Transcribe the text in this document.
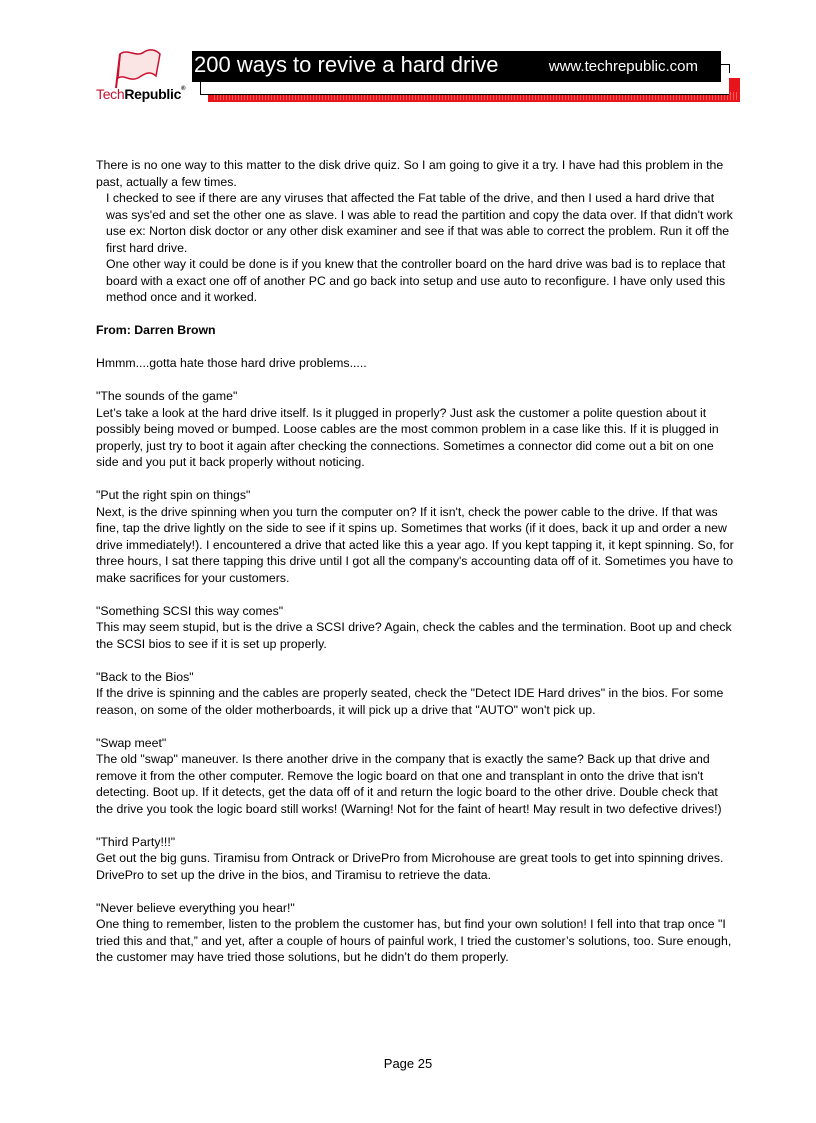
TechRepublic®
200 ways to revive a hard drive	www.techrepublic.com

There is no one way to this matter to the disk drive quiz. So I am going to give it a try. I have had this problem in the past, actually a few times.

I checked to see if there are any viruses that affected the Fat table of the drive, and then I used a hard drive that was sys'ed and set the other one as slave. I was able to read the partition and copy the data over. If that didn't work use ex: Norton disk doctor or any other disk examiner and see if that was able to correct the problem. Run it off the first hard drive.

One other way it could be done is if you knew that the controller board on the hard drive was bad is to replace that board with a exact one off of another PC and go back into setup and use auto to reconfigure. I have only used this method once and it worked.

From: Darren Brown

Hmmm....gotta hate those hard drive problems.....

"The sounds of the game"

Let’s take a look at the hard drive itself. Is it plugged in properly? Just ask the customer a polite question about it possibly being moved or bumped. Loose cables are the most common problem in a case like this. If it is plugged in properly, just try to boot it again after checking the connections. Sometimes a connector did come out a bit on one side and you put it back properly without noticing.

"Put the right spin on things"

Next, is the drive spinning when you turn the computer on? If it isn't, check the power cable to the drive. If that was fine, tap the drive lightly on the side to see if it spins up. Sometimes that works (if it does, back it up and order a new drive immediately!). I encountered a drive that acted like this a year ago. If you kept tapping it, it kept spinning. So, for three hours, I sat there tapping this drive until I got all the company's accounting data off of it. Sometimes you have to make sacrifices for your customers.

"Something SCSI this way comes"

This may seem stupid, but is the drive a SCSI drive? Again, check the cables and the termination. Boot up and check the SCSI bios to see if it is set up properly.

"Back to the Bios"

If the drive is spinning and the cables are properly seated, check the "Detect IDE Hard drives" in the bios. For some reason, on some of the older motherboards, it will pick up a drive that "AUTO" won't pick up.

"Swap meet"

The old "swap" maneuver. Is there another drive in the company that is exactly the same? Back up that drive and remove it from the other computer. Remove the logic board on that one and transplant in onto the drive that isn't detecting. Boot up. If it detects, get the data off of it and return the logic board to the other drive. Double check that the drive you took the logic board still works! (Warning! Not for the faint of heart! May result in two defective drives!)

"Third Party!!!"

Get out the big guns. Tiramisu from Ontrack or DrivePro from Microhouse are great tools to get into spinning drives. DrivePro to set up the drive in the bios, and Tiramisu to retrieve the data.

"Never believe everything you hear!"

One thing to remember, listen to the problem the customer has, but find your own solution! I fell into that trap once "I tried this and that,” and yet, after a couple of hours of painful work, I tried the customer’s solutions, too. Sure enough, the customer may have tried those solutions, but he didn’t do them properly.

Page 25
